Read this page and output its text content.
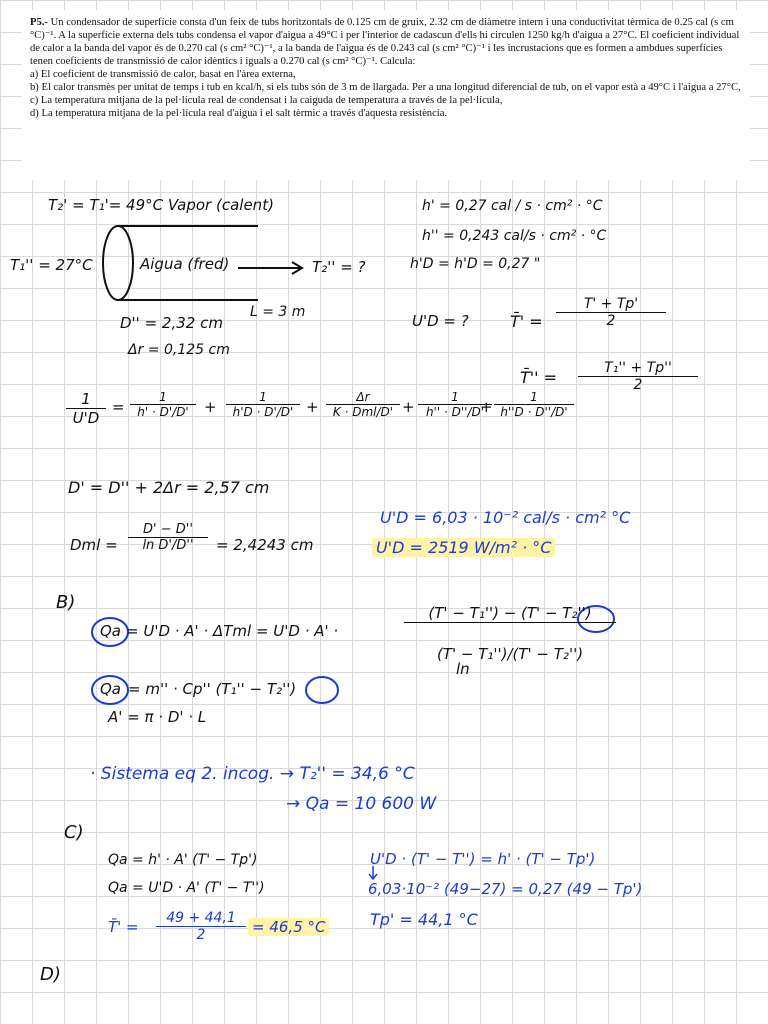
P5.- Un condensador de superfície consta d'un feix de tubs horitzontals de 0.125 cm de gruix, 2.32 cm de diàmetre intern i una conductivitat tèrmica de 0.25 cal (s cm °C)⁻¹. A la superfície externa dels tubs condensa el vapor d'aigua a 49°C i per l'interior de cadascun d'ells hi circulen 1250 kg/h d'aigua a 27°C. El coeficient individual de calor a la banda del vapor és de 0.270 cal (s cm² °C)⁻¹, a la banda de l'aigua és de 0.243 cal (s cm² °C)⁻¹ i les incrustacions que es formen a ambdues superfícies tenen coeficients de transmissió de calor idèntics i iguals a 0.270 cal (s cm² °C)⁻¹. Calcula:

a) El coeficient de transmissió de calor, basat en l'àrea externa,

b) El calor transmès per unitat de temps i tub en kcal/h, si els tubs són de 3 m de llargada. Per a una longitud diferencial de tub, on el vapor està a 49°C i l'aigua a 27°C,

c) La temperatura mitjana de la pel·lícula real de condensat i la caiguda de temperatura a través de la pel·lícula,

d) La temperatura mitjana de la pel·lícula real d'aigua i el salt tèrmic a través d'aquesta resistència.

T₂' = T₁'= 49°C Vapor (calent)	h' = 0,27 cal / s · cm² · °C
h'' = 0,243 cal/s · cm² · °C
h'D = h'D = 0,27 "
T₁'' = 27°C	Aigua (fred)	T₂'' = ?
L = 3 m
D'' = 2,32 cm
Δr = 0,125 cm
U'D = ?	T̄' = $\frac{T' + Tp'}{2}$
T̄'' = $\frac{\text{T₁'' + Tp''}}{2}$
$\frac{1}{U'D} = \frac{1}{h' \cdot D'/D'} + \frac{1}{h'D \cdot D'/D'}$ +
Δr
$K \cdot Dml/D' + \frac{1}{h'' \cdot D''/D'}$
+ $\frac{1}{h''D \cdot D''/D'}$
D' = D'' + 2Δr = 2,57 cm
U'D = 6,03 · 10⁻² cal/s · cm² °C
Dml = $\frac{D' - D''}{\text{ln D'/D''}} = 2,4243$ cm	U'D = 2519 W/m² · °C
B)
Qa = U'D · A' · ΔTml = U'D · A' ·	$\frac{\text{(T' − T₁'') − (T' − T₂'')}}{\text{(T' − T₁'')/(T' − T₂'')}}$
ln
Qa = m'' · Cp'' (T₁'' − T₂'')
A' = π · D' · L
· Sistema eq 2. incog. → T₂'' = 34,6 °C
→ Qa = 10 600 W
C)
Qa = h' · A' (T' − Tp')
Qa = U'D · A' (T' − T'')
U'D · (T' − T'') = h' · (T' − Tp')
6,03·10⁻² (49−27) = 0,27 (49 − Tp')
T̄' = $\frac{49 + 44,1}{2} = 46,5$ °C	Tp' = 44,1 °C
D)
